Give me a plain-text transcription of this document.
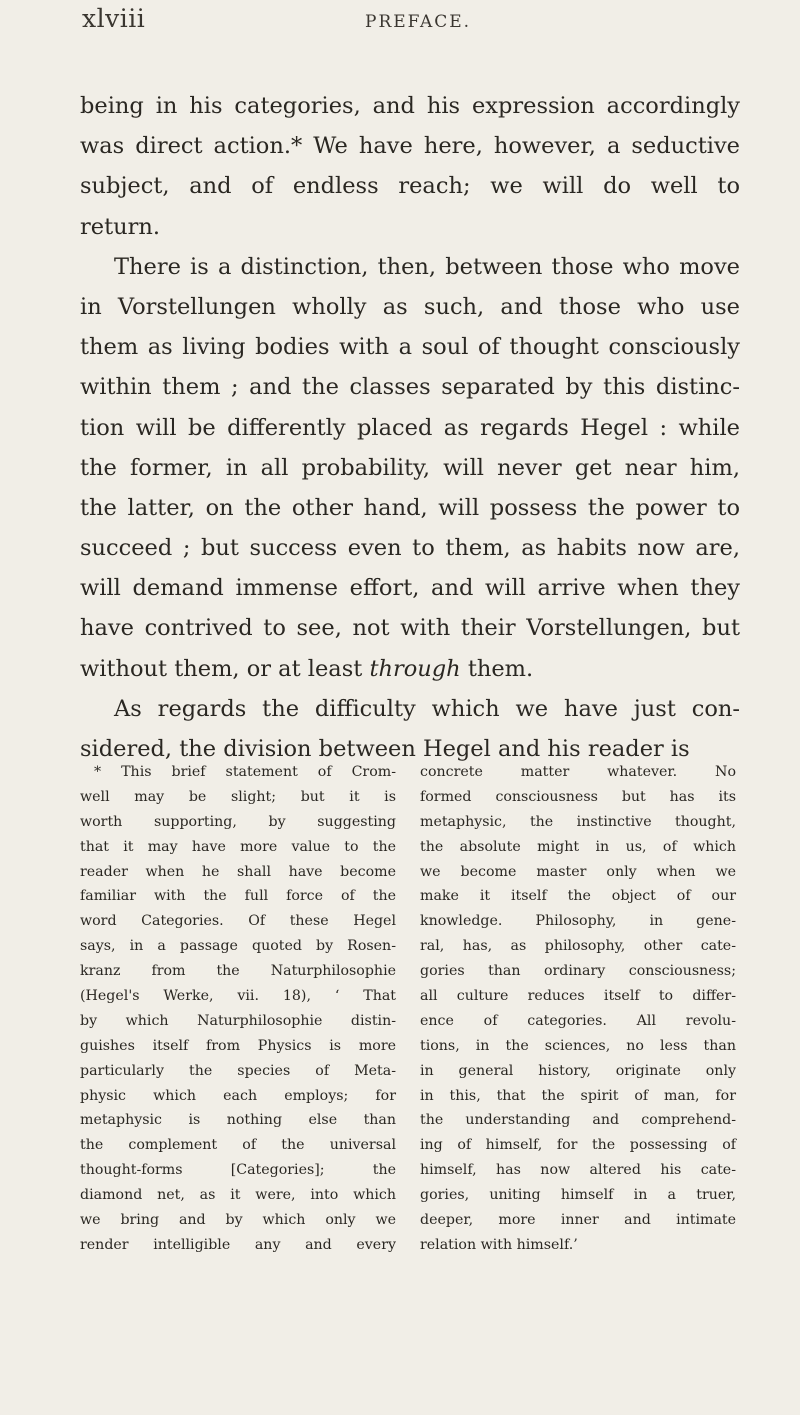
xlviii	PREFACE.
being in his categories, and his expression accordingly
was direct action.* We have here, however, a seductive
subject, and of endless reach; we will do well to
return.
There is a distinction, then, between those who move
in Vorstellungen wholly as such, and those who use
them as living bodies with a soul of thought consciously
within them ; and the classes separated by this distinc-
tion will be differently placed as regards Hegel : while
the former, in all probability, will never get near him,
the latter, on the other hand, will possess the power to
succeed ; but success even to them, as habits now are,
will demand immense effort, and will arrive when they
have contrived to see, not with their Vorstellungen, but
without them, or at least through them.
As regards the difficulty which we have just con-
sidered, the division between Hegel and his reader is
* This brief statement of Crom-
well may be slight; but it is
worth supporting, by suggesting
that it may have more value to the
reader when he shall have become
familiar with the full force of the
word Categories. Of these Hegel
says, in a passage quoted by Rosen-
kranz from the Naturphilosophie
(Hegel's Werke, vii. 18), ‘ That
by which Naturphilosophie distin-
guishes itself from Physics is more
particularly the species of Meta-
physic which each employs; for
metaphysic is nothing else than
the complement of the universal
thought-forms [Categories]; the
diamond net, as it were, into which
we bring and by which only we
render intelligible any and every
concrete matter whatever. No
formed consciousness but has its
metaphysic, the instinctive thought,
the absolute might in us, of which
we become master only when we
make it itself the object of our
knowledge. Philosophy, in gene-
ral, has, as philosophy, other cate-
gories than ordinary consciousness;
all culture reduces itself to differ-
ence of categories. All revolu-
tions, in the sciences, no less than
in general history, originate only
in this, that the spirit of man, for
the understanding and comprehend-
ing of himself, for the possessing of
himself, has now altered his cate-
gories, uniting himself in a truer,
deeper, more inner and intimate
relation with himself.’
